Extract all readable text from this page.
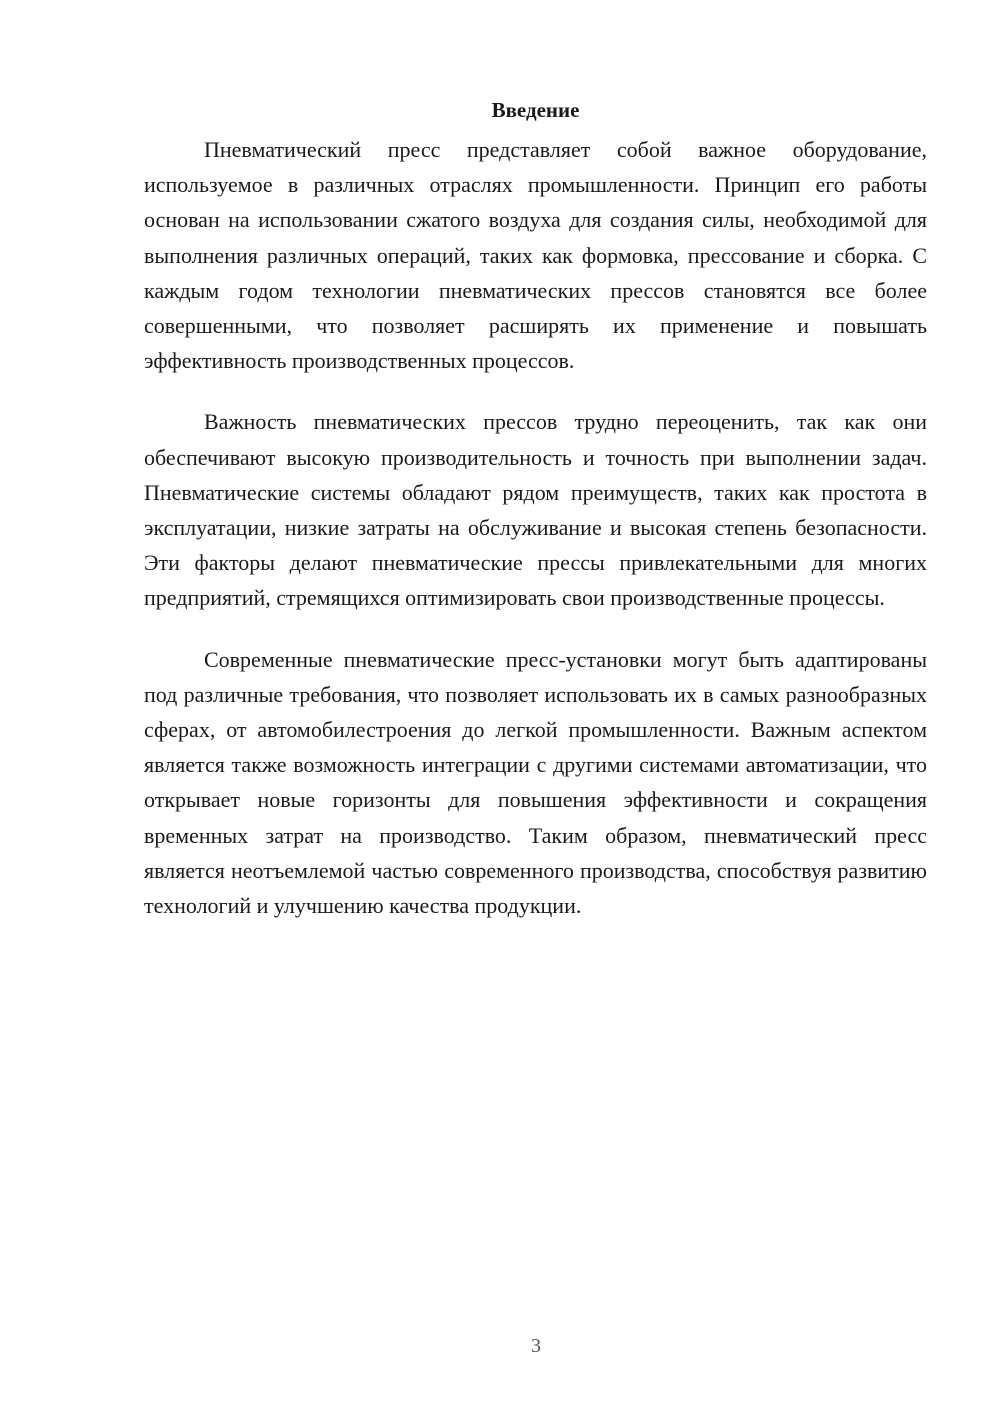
Введение

Пневматический пресс представляет собой важное оборудование, используемое в различных отраслях промышленности. Принцип его работы основан на использовании сжатого воздуха для создания силы, необходимой для выполнения различных операций, таких как формовка, прессование и сборка. С каждым годом технологии пневматических прессов становятся все более совершенными, что позволяет расширять их применение и повышать эффективность производственных процессов.

Важность пневматических прессов трудно переоценить, так как они обеспечивают высокую производительность и точность при выполнении задач. Пневматические системы обладают рядом преимуществ, таких как простота в эксплуатации, низкие затраты на обслуживание и высокая степень безопасности. Эти факторы делают пневматические прессы привлекательными для многих предприятий, стремящихся оптимизировать свои производственные процессы.

Современные пневматические пресс-установки могут быть адаптированы под различные требования, что позволяет использовать их в самых разнообразных сферах, от автомобилестроения до легкой промышленности. Важным аспектом является также возможность интеграции с другими системами автоматизации, что открывает новые горизонты для повышения эффективности и сокращения временных затрат на производство. Таким образом, пневматический пресс является неотъемлемой частью современного производства, способствуя развитию технологий и улучшению качества продукции.

3
